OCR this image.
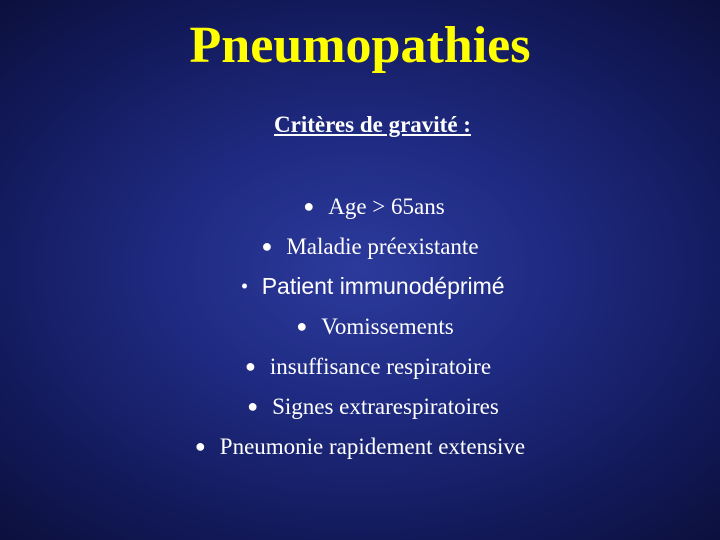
Pneumopathies
Critères de gravité :
● Age > 65ans
● Maladie préexistante
• Patient immunodéprimé
● Vomissements
● insuffisance respiratoire
● Signes extrarespiratoires
● Pneumonie rapidement extensive
